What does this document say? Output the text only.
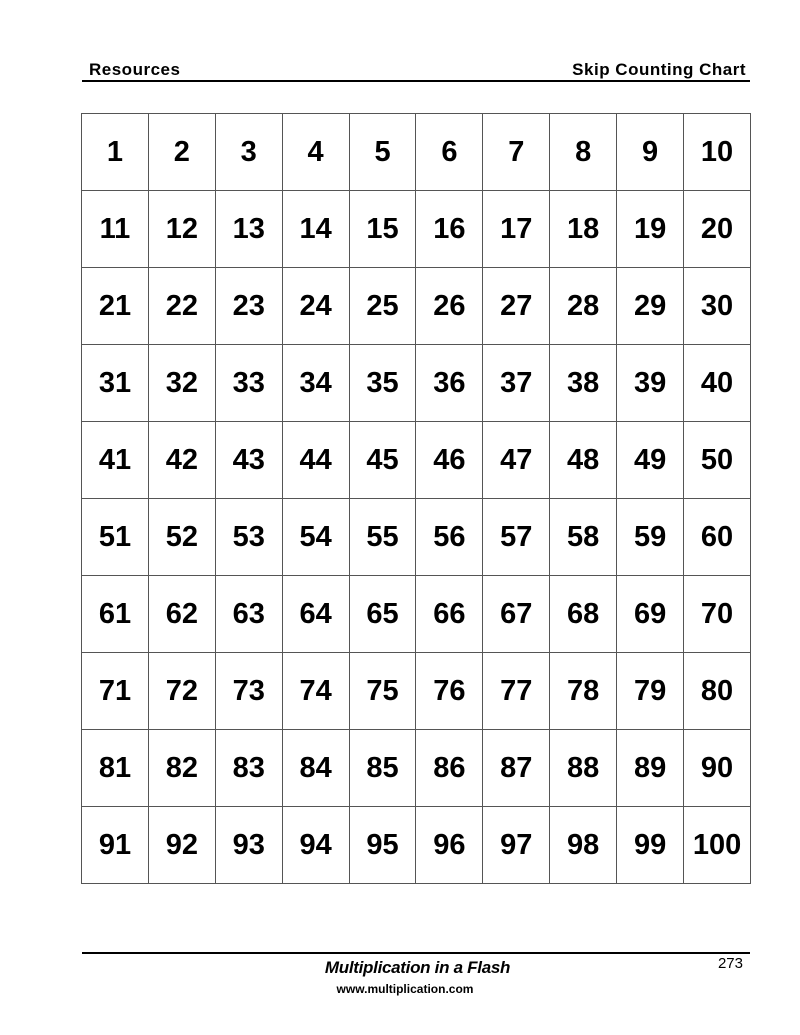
Resources	Skip Counting Chart
1	2	3	4	5	6	7	8	9	10
11	12	13	14	15	16	17	18	19	20
21	22	23	24	25	26	27	28	29	30
31	32	33	34	35	36	37	38	39	40
41	42	43	44	45	46	47	48	49	50
51	52	53	54	55	56	57	58	59	60
61	62	63	64	65	66	67	68	69	70
71	72	73	74	75	76	77	78	79	80
81	82	83	84	85	86	87	88	89	90
91	92	93	94	95	96	97	98	99	100
Multiplication in a Flash
www.multiplication.com
273
